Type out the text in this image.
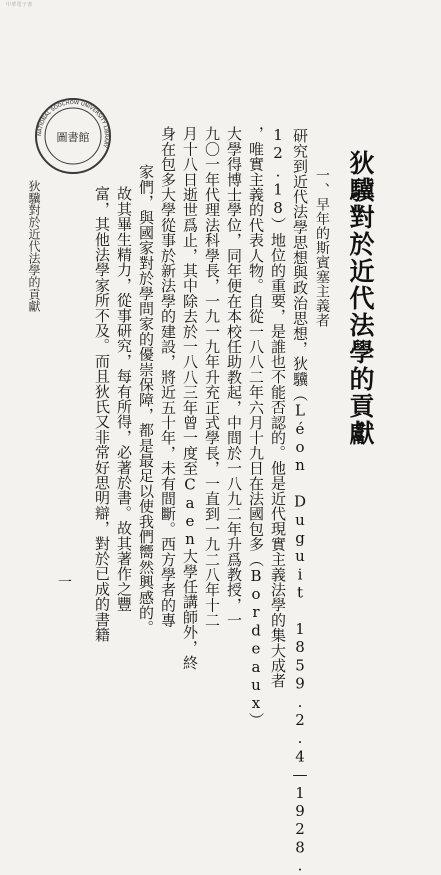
中華電子書
狄驥對於近代法學的貢獻
一、早年的斯賓塞主義者
研究到近代法學思想與政治思想，狄驥（Léon Duguit 1859.2.4—1928.
12.18）地位的重要，是誰也不能否認的。他是近代現實主義法學的集大成者
，唯實主義的代表人物。自從一八八二年六月十九日在法國包多（Bordeaux）
大學得博士學位，同年便在本校任助教起，中間於一八九二年升爲教授，一
九〇一年代理法科學長，一九一九年升充正式學長，一直到一九二八年十二
月十八日逝世爲止，其中除去於一八八三年曾一度至Caen大學任講師外，終
身在包多大學從事於新法學的建設，將近五十年，未有間斷。西方學者的專
家們，與國家對於學問家的優崇保障，都是最足以使我們嚮然興感的。
故其畢生精力，從事研究，每有所得，必著於書。故其著作之豐
富，其他法學家所不及。而且狄氏又非常好思明辯，對於已成的書籍
NATIONAL SOOCHOW UNIVERSITY LIBRARY
圖書館
狄驥對於近代法學的貢獻
一
